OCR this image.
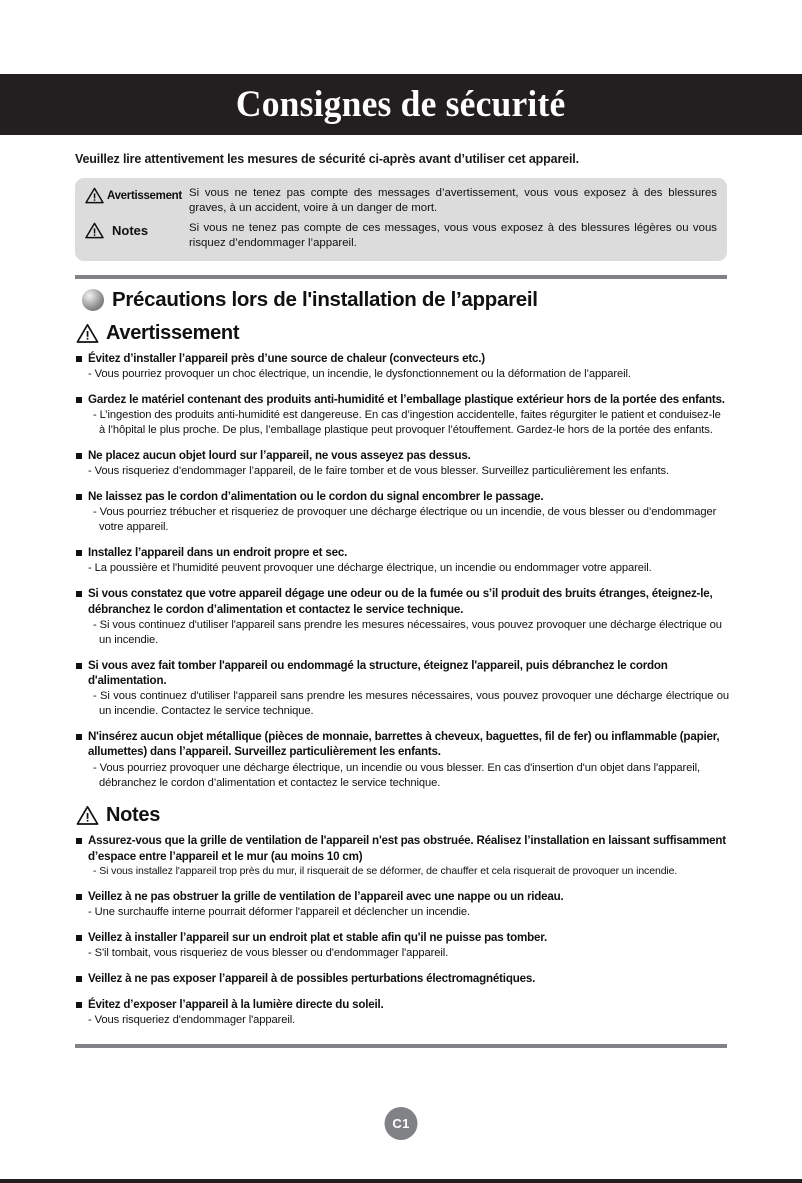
Consignes de sécurité
Veuillez lire attentivement les mesures de sécurité ci-après avant d’utiliser cet appareil.
Avertissement Si vous ne tenez pas compte des messages d’avertissement, vous vous exposez à des blessures graves, à un accident, voire à un danger de mort.
Notes	Si vous ne tenez pas compte de ces messages, vous vous exposez à des blessures légères ou vous risquez d’endommager l’appareil.
Précautions lors de l'installation de l’appareil
Avertissement
Évitez d’installer l’appareil près d’une source de chaleur (convecteurs etc.)
- Vous pourriez provoquer un choc électrique, un incendie, le dysfonctionnement ou la déformation de l’appareil.
Gardez le matériel contenant des produits anti-humidité et l’emballage plastique extérieur hors de la portée des enfants.
- L’ingestion des produits anti-humidité est dangereuse. En cas d’ingestion accidentelle, faites régurgiter le patient et conduisez-le à l’hôpital le plus proche. De plus, l’emballage plastique peut provoquer l’étouffement. Gardez-le hors de la portée des enfants.
Ne placez aucun objet lourd sur l’appareil, ne vous asseyez pas dessus.
- Vous risqueriez d’endommager l’appareil, de le faire tomber et de vous blesser. Surveillez particulièrement les enfants.
Ne laissez pas le cordon d’alimentation ou le cordon du signal encombrer le passage.
- Vous pourriez trébucher et risqueriez de provoquer une décharge électrique ou un incendie, de vous blesser ou d’endommager votre appareil.
Installez l’appareil dans un endroit propre et sec.
- La poussière et l'humidité peuvent provoquer une décharge électrique, un incendie ou endommager votre appareil.
Si vous constatez que votre appareil dégage une odeur ou de la fumée ou s’il produit des bruits étranges, éteignez-le, débranchez le cordon d’alimentation et contactez le service technique.
- Si vous continuez d'utiliser l'appareil sans prendre les mesures nécessaires, vous pouvez provoquer une décharge électrique ou un incendie.
Si vous avez fait tomber l'appareil ou endommagé la structure, éteignez l'appareil, puis débranchez le cordon d'alimentation.
- Si vous continuez d'utiliser l'appareil sans prendre les mesures nécessaires, vous pouvez provoquer une décharge électrique ou un incendie. Contactez le service technique.
N'insérez aucun objet métallique (pièces de monnaie, barrettes à cheveux, baguettes, fil de fer) ou inflammable (papier, allumettes) dans l’appareil. Surveillez particulièrement les enfants.
- Vous pourriez provoquer une décharge électrique, un incendie ou vous blesser. En cas d'insertion d'un objet dans l'appareil, débranchez le cordon d’alimentation et contactez le service technique.
Notes
Assurez-vous que la grille de ventilation de l'appareil n'est pas obstruée. Réalisez l’installation en laissant suffisamment d’espace entre l’appareil et le mur (au moins 10 cm)
- Si vous installez l'appareil trop près du mur, il risquerait de se déformer, de chauffer et cela risquerait de provoquer un incendie.
Veillez à ne pas obstruer la grille de ventilation de l’appareil avec une nappe ou un rideau.
- Une surchauffe interne pourrait déformer l'appareil et déclencher un incendie.
Veillez à installer l’appareil sur un endroit plat et stable afin qu'il ne puisse pas tomber.
- S'il tombait, vous risqueriez de vous blesser ou d'endommager l'appareil.
Veillez à ne pas exposer l’appareil à de possibles perturbations électromagnétiques.
Évitez d’exposer l’appareil à la lumière directe du soleil.
- Vous risqueriez d'endommager l'appareil.
C1
